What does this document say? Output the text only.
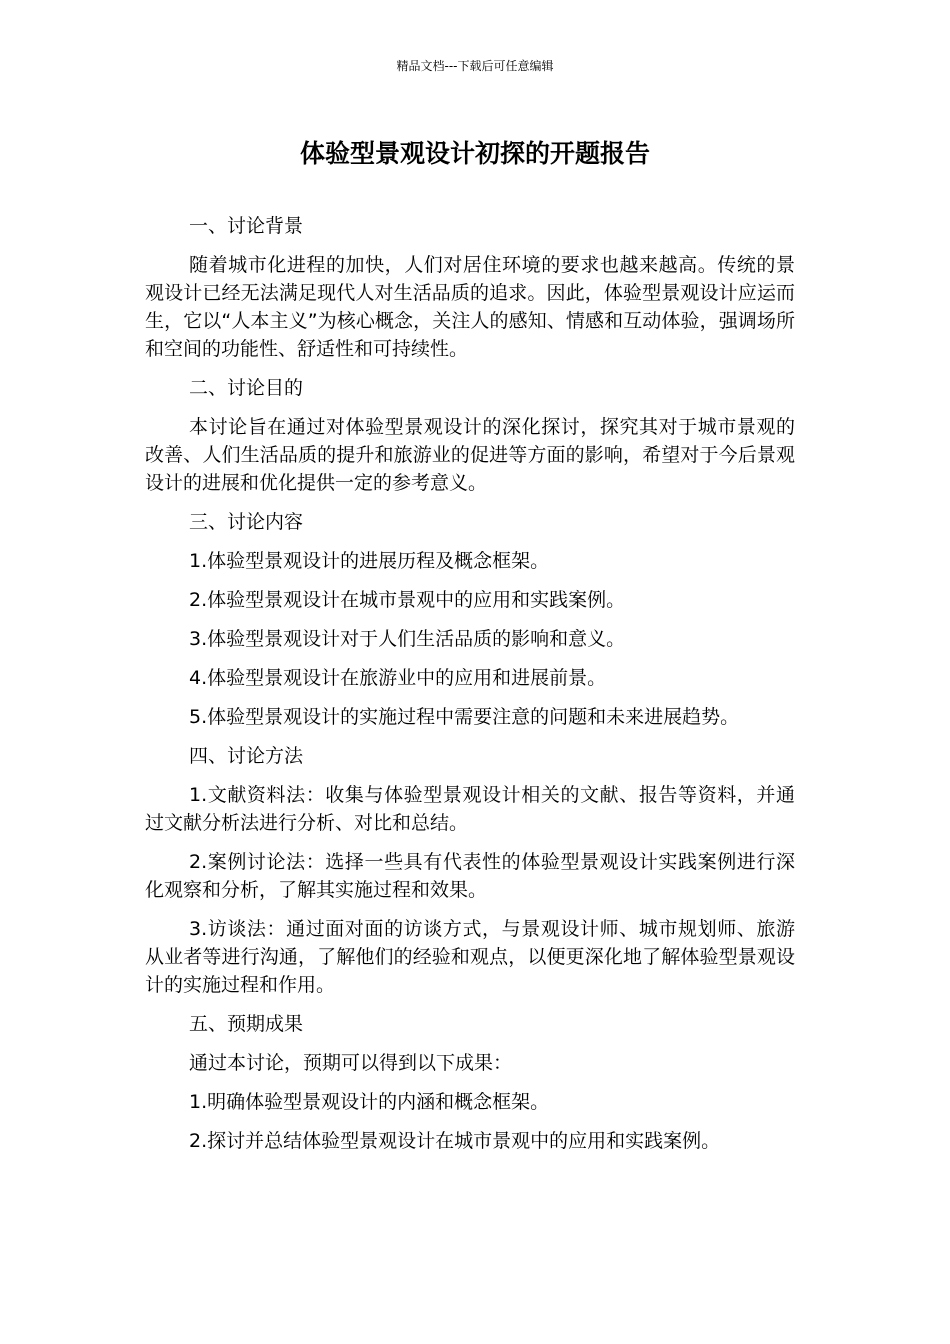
精品文档---下载后可任意编辑
体验型景观设计初探的开题报告

一、讨论背景

随着城市化进程的加快，人们对居住环境的要求也越来越高。传统的景观设计已经无法满足现代人对生活品质的追求。因此，体验型景观设计应运而生，它以“人本主义”为核心概念，关注人的感知、情感和互动体验，强调场所和空间的功能性、舒适性和可持续性。

二、讨论目的

本讨论旨在通过对体验型景观设计的深化探讨，探究其对于城市景观的改善、人们生活品质的提升和旅游业的促进等方面的影响，希望对于今后景观设计的进展和优化提供一定的参考意义。

三、讨论内容

1.体验型景观设计的进展历程及概念框架。

2.体验型景观设计在城市景观中的应用和实践案例。

3.体验型景观设计对于人们生活品质的影响和意义。

4.体验型景观设计在旅游业中的应用和进展前景。

5.体验型景观设计的实施过程中需要注意的问题和未来进展趋势。

四、讨论方法

1.文献资料法：收集与体验型景观设计相关的文献、报告等资料，并通过文献分析法进行分析、对比和总结。

2.案例讨论法：选择一些具有代表性的体验型景观设计实践案例进行深化观察和分析，了解其实施过程和效果。

3.访谈法：通过面对面的访谈方式，与景观设计师、城市规划师、旅游从业者等进行沟通，了解他们的经验和观点，以便更深化地了解体验型景观设计的实施过程和作用。

五、预期成果

通过本讨论，预期可以得到以下成果：

1.明确体验型景观设计的内涵和概念框架。

2.探讨并总结体验型景观设计在城市景观中的应用和实践案例。
